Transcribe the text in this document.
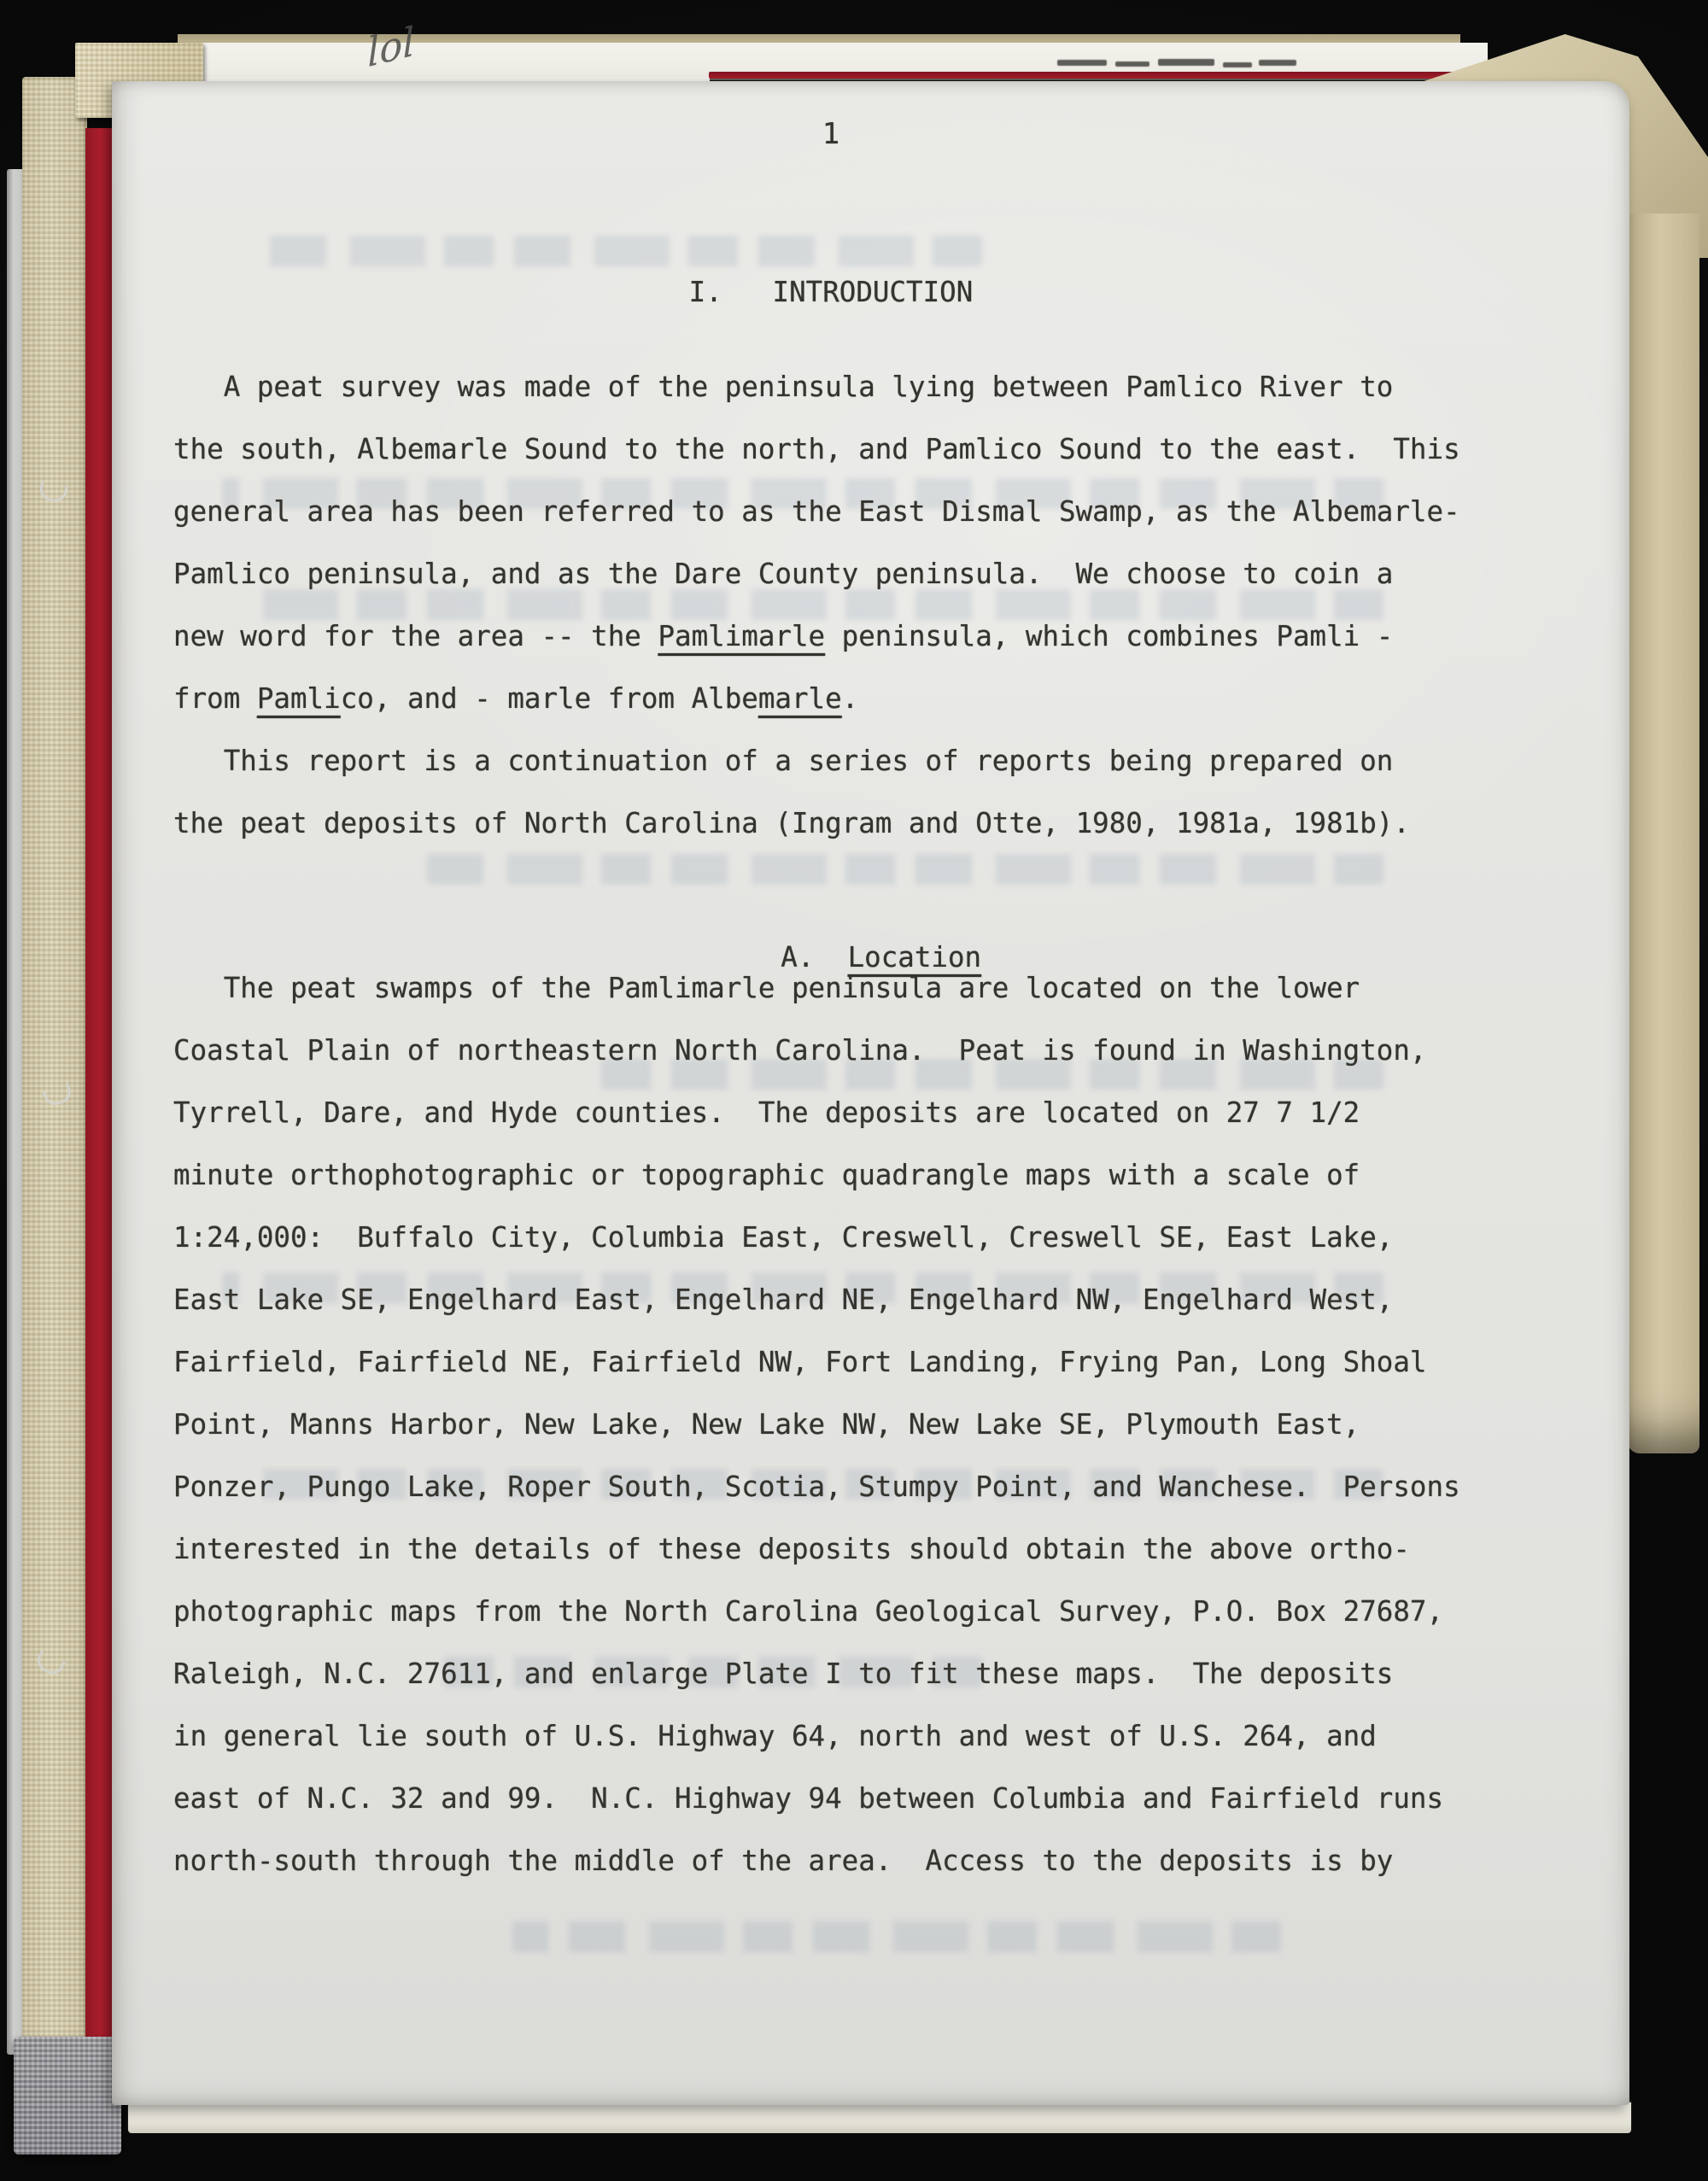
lol
1
I.   INTRODUCTION
A peat survey was made of the peninsula lying between Pamlico River to
the south, Albemarle Sound to the north, and Pamlico Sound to the east.  This
general area has been referred to as the East Dismal Swamp, as the Albemarle-
Pamlico peninsula, and as the Dare County peninsula.  We choose to coin a
new word for the area -- the Pamlimarle peninsula, which combines Pamli -
from Pamlico, and - marle from Albemarle.
This report is a continuation of a series of reports being prepared on
the peat deposits of North Carolina (Ingram and Otte, 1980, 1981a, 1981b).

A.  Location

The peat swamps of the Pamlimarle peninsula are located on the lower
Coastal Plain of northeastern North Carolina.  Peat is found in Washington,
Tyrrell, Dare, and Hyde counties.  The deposits are located on 27 7 1/2
minute orthophotographic or topographic quadrangle maps with a scale of
1:24,000:  Buffalo City, Columbia East, Creswell, Creswell SE, East Lake,
East Lake SE, Engelhard East, Engelhard NE, Engelhard NW, Engelhard West,
Fairfield, Fairfield NE, Fairfield NW, Fort Landing, Frying Pan, Long Shoal
Point, Manns Harbor, New Lake, New Lake NW, New Lake SE, Plymouth East,
Ponzer, Pungo Lake, Roper South, Scotia, Stumpy Point, and Wanchese.  Persons
interested in the details of these deposits should obtain the above ortho-
photographic maps from the North Carolina Geological Survey, P.O. Box 27687,
Raleigh, N.C. 27611, and enlarge Plate I to fit these maps.  The deposits
in general lie south of U.S. Highway 64, north and west of U.S. 264, and
east of N.C. 32 and 99.  N.C. Highway 94 between Columbia and Fairfield runs
north-south through the middle of the area.  Access to the deposits is by
